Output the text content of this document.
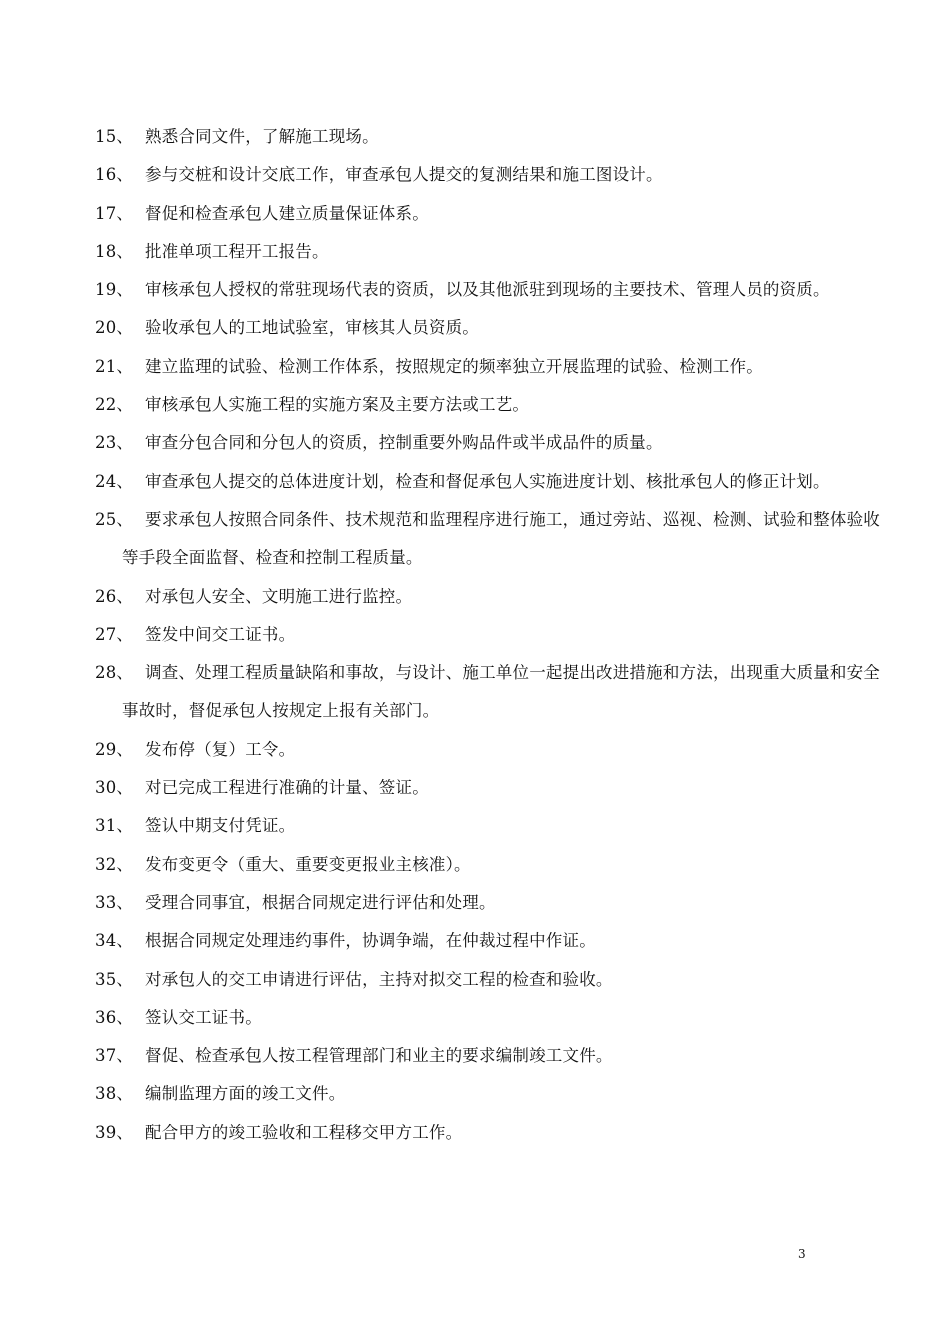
15、 熟悉合同文件，了解施工现场。
16、 参与交桩和设计交底工作，审查承包人提交的复测结果和施工图设计。
17、 督促和检查承包人建立质量保证体系。
18、 批准单项工程开工报告。
19、 审核承包人授权的常驻现场代表的资质，以及其他派驻到现场的主要技术、管理人员的资质。
20、 验收承包人的工地试验室，审核其人员资质。
21、 建立监理的试验、检测工作体系，按照规定的频率独立开展监理的试验、检测工作。
22、 审核承包人实施工程的实施方案及主要方法或工艺。
23、 审查分包合同和分包人的资质，控制重要外购品件或半成品件的质量。
24、 审查承包人提交的总体进度计划，检查和督促承包人实施进度计划、核批承包人的修正计划。
25、 要求承包人按照合同条件、技术规范和监理程序进行施工，通过旁站、巡视、检测、试验和整体验收等手段全面监督、检查和控制工程质量。
26、 对承包人安全、文明施工进行监控。
27、 签发中间交工证书。
28、 调查、处理工程质量缺陷和事故，与设计、施工单位一起提出改进措施和方法，出现重大质量和安全事故时，督促承包人按规定上报有关部门。
29、 发布停（复）工令。
30、 对已完成工程进行准确的计量、签证。
31、 签认中期支付凭证。
32、 发布变更令（重大、重要变更报业主核准）。
33、 受理合同事宜，根据合同规定进行评估和处理。
34、 根据合同规定处理违约事件，协调争端，在仲裁过程中作证。
35、 对承包人的交工申请进行评估，主持对拟交工程的检查和验收。
36、 签认交工证书。
37、 督促、检查承包人按工程管理部门和业主的要求编制竣工文件。
38、 编制监理方面的竣工文件。
39、 配合甲方的竣工验收和工程移交甲方工作。
3
